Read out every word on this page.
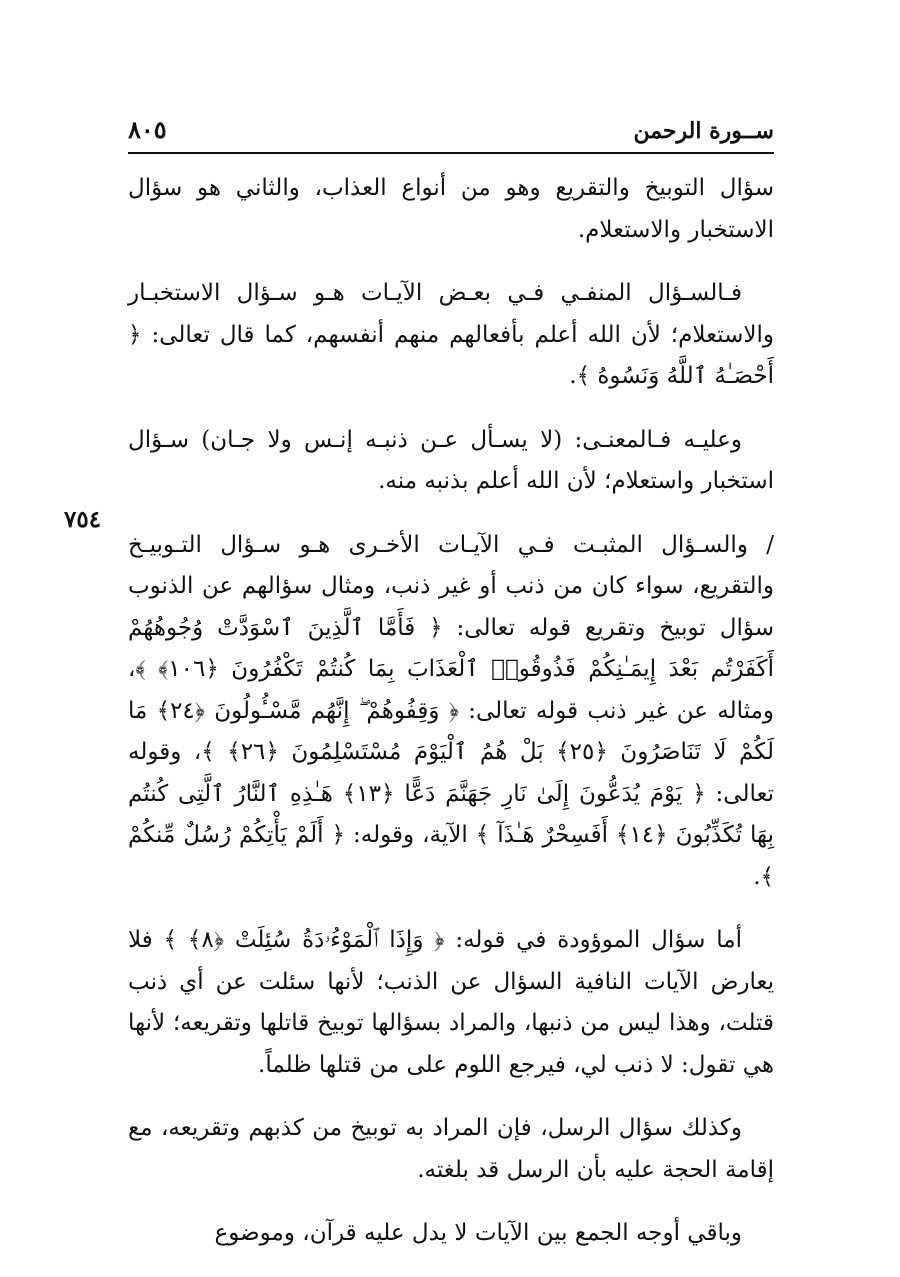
ســورة الرحمن
٨٠٥
٧٥٤

سؤال التوبيخ والتقريع وهو من أنواع العذاب، والثاني هو سؤال الاستخبار والاستعلام.

فـالسـؤال المنفـي فـي بعـض الآيـات هـو سـؤال الاستخبـار والاستعلام؛ لأن الله أعلم بأفعالهم منهم أنفسهم، كما قال تعالى: ﴿ أَحْصَـٰهُ ٱللَّهُ وَنَسُوهُ ﴾.

وعليـه فـالمعنـى: (لا يسـأل عـن ذنبـه إنـس ولا جـان) سـؤال استخبار واستعلام؛ لأن الله أعلم بذنبه منه.

/ والسـؤال المثبـت فـي الآيـات الأخـرى هـو سـؤال التـوبيـخ والتقريع، سواء كان من ذنب أو غير ذنب، ومثال سؤالهم عن الذنوب سؤال توبيخ وتقريع قوله تعالى: ﴿ فَأَمَّا ٱلَّذِينَ ٱسْوَدَّتْ وُجُوهُهُمْ أَكَفَرْتُم بَعْدَ إِيمَـٰنِكُمْ فَذُوقُوا۟ ٱلْعَذَابَ بِمَا كُنتُمْ تَكْفُرُونَ ﴿١٠٦﴾ ﴾، ومثاله عن غير ذنب قوله تعالى: ﴿ وَقِفُوهُمْ ۖ إِنَّهُم مَّسْـُٔولُونَ ﴿٢٤﴾ مَا لَكُمْ لَا تَنَاصَرُونَ ﴿٢٥﴾ بَلْ هُمُ ٱلْيَوْمَ مُسْتَسْلِمُونَ ﴿٢٦﴾ ﴾، وقوله تعالى: ﴿ يَوْمَ يُدَعُّونَ إِلَىٰ نَارِ جَهَنَّمَ دَعًّا ﴿١٣﴾ هَـٰذِهِ ٱلنَّارُ ٱلَّتِى كُنتُم بِهَا تُكَذِّبُونَ ﴿١٤﴾ أَفَسِحْرٌ هَـٰذَآ ﴾ الآية، وقوله: ﴿ أَلَمْ يَأْتِكُمْ رُسُلٌ مِّنكُمْ ﴾.

أما سؤال الموؤودة في قوله: ﴿ وَإِذَا ٱلْمَوْءُۥدَةُ سُئِلَتْ ﴿٨﴾ ﴾ فلا يعارض الآيات النافية السؤال عن الذنب؛ لأنها سئلت عن أي ذنب قتلت، وهذا ليس من ذنبها، والمراد بسؤالها توبيخ قاتلها وتقريعه؛ لأنها هي تقول: لا ذنب لي، فيرجع اللوم على من قتلها ظلماً.

وكذلك سؤال الرسل، فإن المراد به توبيخ من كذبهم وتقريعه، مع إقامة الحجة عليه بأن الرسل قد بلغته.

وباقي أوجه الجمع بين الآيات لا يدل عليه قرآن، وموضوع
